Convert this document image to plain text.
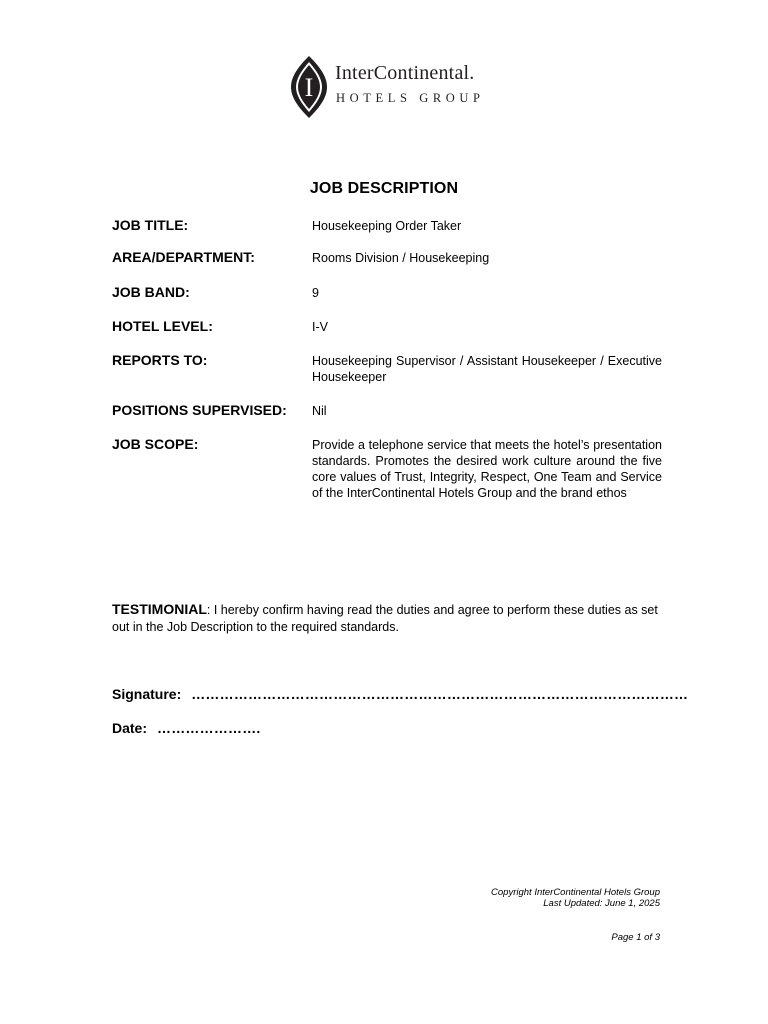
I InterContinental.
HOTELS GROUP
JOB DESCRIPTION
JOB TITLE:	Housekeeping Order Taker
AREA/DEPARTMENT:	Rooms Division / Housekeeping
JOB BAND:	9
HOTEL LEVEL:	I-V
REPORTS TO:	Housekeeping Supervisor / Assistant Housekeeper / Executive Housekeeper
POSITIONS SUPERVISED: Nil
JOB SCOPE:	Provide a telephone service that meets the hotel’s presentation standards. Promotes the desired work culture around the five core values of Trust, Integrity, Respect, One Team and Service of the InterContinental Hotels Group and the brand ethos
TESTIMONIAL: I hereby confirm having read the duties and agree to perform these duties as set out in the Job Description to the required standards.
Signature: ……………………………………………………………………………………………
Date: ………………….
Copyright InterContinental Hotels Group
Last Updated: June 1, 2025
Page 1 of 3
